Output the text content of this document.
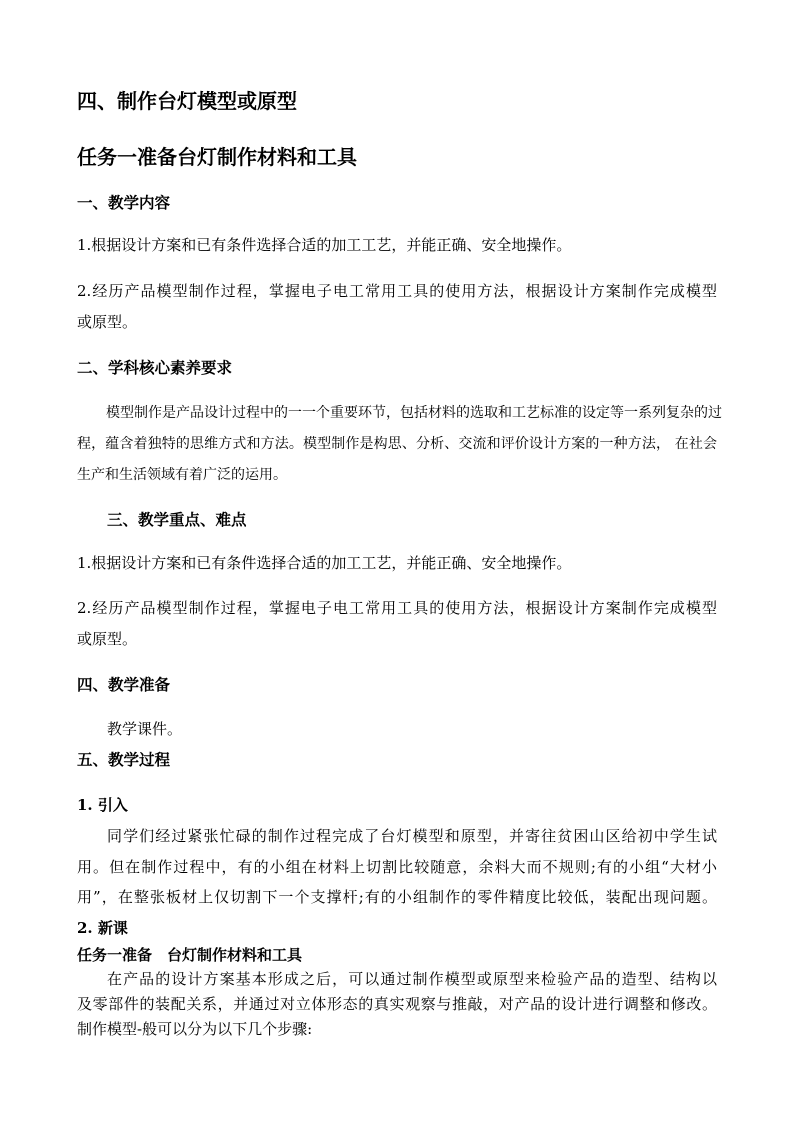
四、制作台灯模型或原型
任务一准备台灯制作材料和工具
一、教学内容
1.根据设计方案和已有条件选择合适的加工工艺，并能正确、安全地操作。
2.经历产品模型制作过程，掌握电子电工常用工具的使用方法，根据设计方案制作完成模型
或原型。
二、学科核心素养要求
模型制作是产品设计过程中的一一个重要环节，包括材料的选取和工艺标准的设定等一系列复杂的过
程，蕴含着独特的思维方式和方法。模型制作是构思、分析、交流和评价设计方案的一种方法， 在社会
生产和生活领域有着广泛的运用。
三、教学重点、难点
1.根据设计方案和已有条件选择合适的加工工艺，并能正确、安全地操作。
2.经历产品模型制作过程，掌握电子电工常用工具的使用方法，根据设计方案制作完成模型
或原型。
四、教学准备
教学课件。
五、教学过程
1. 引入
同学们经过紧张忙碌的制作过程完成了台灯模型和原型，并寄往贫困山区给初中学生试
用。但在制作过程中，有的小组在材料上切割比较随意，余料大而不规则;有的小组“大材小
用”，在整张板材上仅切割下一个支撑杆;有的小组制作的零件精度比较低，装配出现问题。
2. 新课
任务一准备　台灯制作材料和工具
在产品的设计方案基本形成之后，可以通过制作模型或原型来检验产品的造型、结构以
及零部件的装配关系，并通过对立体形态的真实观察与推敲，对产品的设计进行调整和修改。
制作模型-般可以分为以下几个步骤:
